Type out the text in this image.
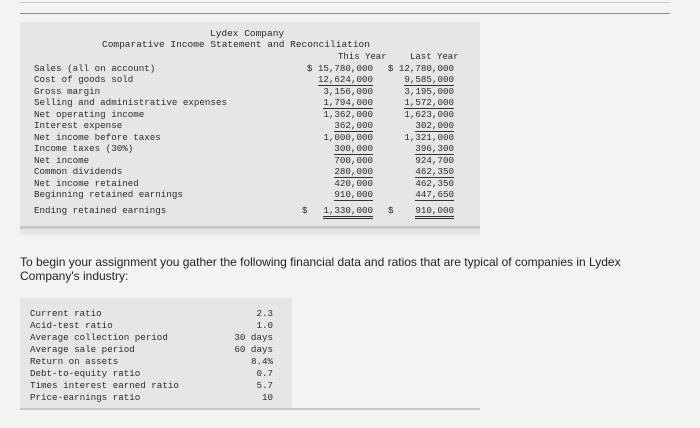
Lydex Company
Comparative Income Statement and Reconciliation
This Year	Last Year
Sales (all on account)	$ 15,780,000 $ 12,780,000
Cost of goods sold	12,624,000	9,585,000
Gross margin	3,156,000	3,195,000
Selling and administrative expenses	1,794,000	1,572,000
Net operating income	1,362,000	1,623,000
Interest expense	362,000	302,000
Net income before taxes	1,000,000	1,321,000
Income taxes (30%)	300,000	396,300
Net income	700,000	924,700
Common dividends	280,000	462,350
Net income retained	420,000	462,350
Beginning retained earnings	910,000	447,650
Ending retained earnings	$ 1,330,000 $ 910,000
To begin your assignment you gather the following financial data and ratios that are typical of companies in Lydex Company's industry:
Current ratio	2.3
Acid-test ratio	1.0
Average collection period	30 days
Average sale period	60 days
Return on assets	8.4%
Debt-to-equity ratio	0.7
Times interest earned ratio	5.7
Price-earnings ratio	10
